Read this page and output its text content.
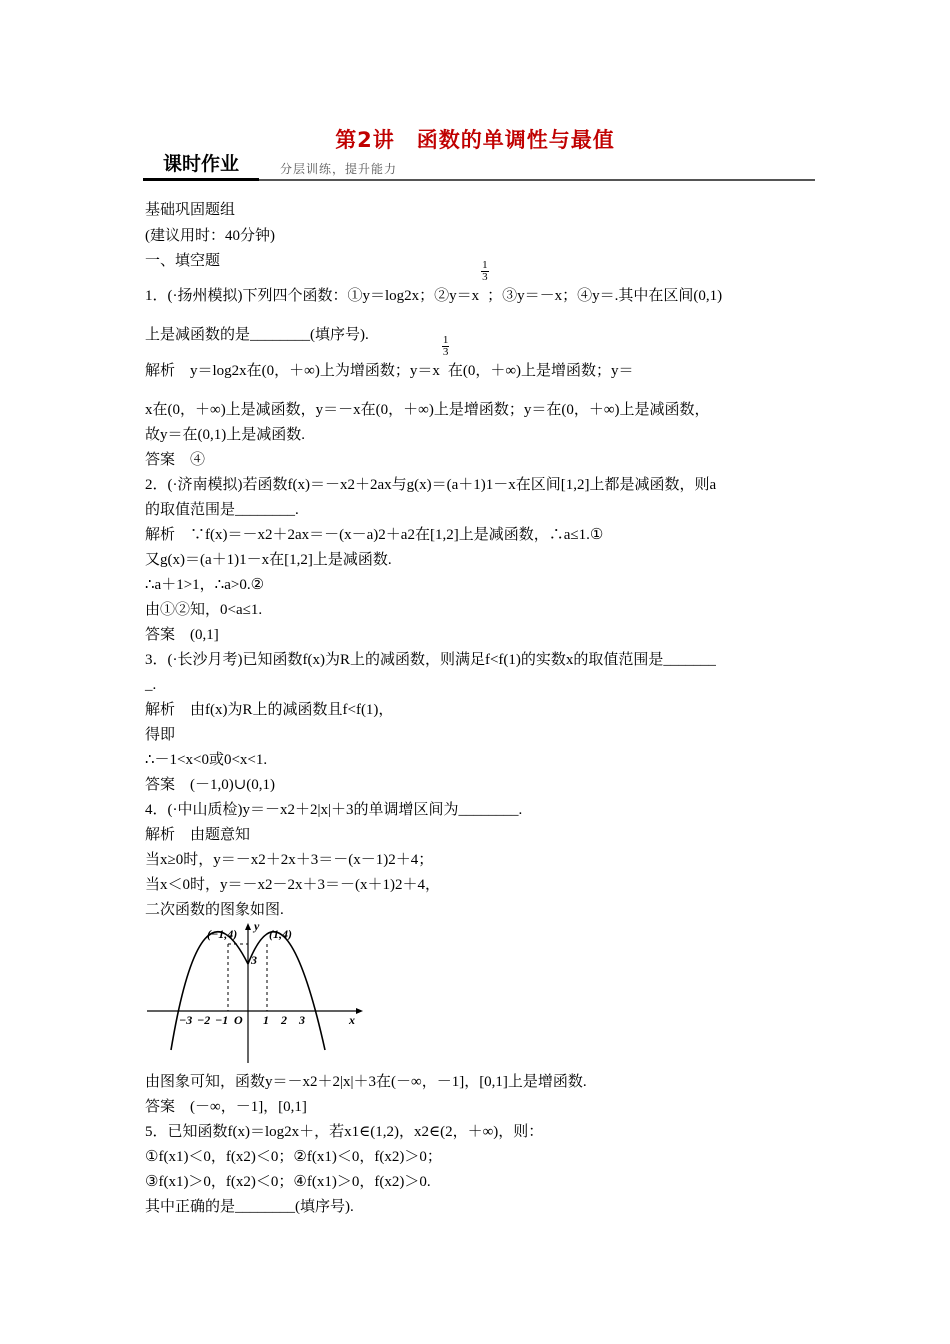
第2讲　函数的单调性与最值
课时作业	分层训练，提升能力
基础巩固题组
(建议用时：40分钟)
一、填空题
1．(·扬州模拟)下列四个函数：①y＝log2x；②y＝x
$\frac{1}{3}$
；③y＝－x；④y＝.其中在区间(0,1)
上是减函数的是________(填序号).
解析　y＝log2x在(0，＋∞)上为增函数；y＝x
$\frac{1}{3}$
在(0，＋∞)上是增函数；y＝
x在(0，＋∞)上是减函数，y＝－x在(0，＋∞)上是增函数；y＝在(0，＋∞)上是减函数，
故y＝在(0,1)上是减函数.
答案　④
2．(·济南模拟)若函数f(x)＝－x2＋2ax与g(x)＝(a＋1)1－x在区间[1,2]上都是减函数，则a
的取值范围是________.
解析　∵f(x)＝－x2＋2ax＝－(x－a)2＋a2在[1,2]上是减函数，∴a≤1.①
又g(x)＝(a＋1)1－x在[1,2]上是减函数.
∴a＋1>1，∴a>0.②
由①②知，0<a≤1.
答案　(0,1]
3．(·长沙月考)已知函数f(x)为R上的减函数，则满足f<f(1)的实数x的取值范围是_______
_.
解析　由f(x)为R上的减函数且f<f(1)，
得即
∴－1<x<0或0<x<1.
答案　(－1,0)∪(0,1)
4．(·中山质检)y＝－x2＋2|x|＋3的单调增区间为________.
解析　由题意知
当x≥0时，y＝－x2＋2x＋3＝－(x－1)2＋4；
当x＜0时，y＝－x2－2x＋3＝－(x＋1)2＋4，
二次函数的图象如图.
(−1,4)	(1,4)
y
x
3
O
−3 −2 −1	1 2 3
由图象可知，函数y＝－x2＋2|x|＋3在(－∞，－1]，[0,1]上是增函数.
答案　(－∞，－1]，[0,1]
5．已知函数f(x)＝log2x＋，若x1∈(1,2)，x2∈(2，＋∞)，则：
①f(x1)＜0，f(x2)＜0；②f(x1)＜0，f(x2)＞0；
③f(x1)＞0，f(x2)＜0；④f(x1)＞0，f(x2)＞0.
其中正确的是________(填序号).
